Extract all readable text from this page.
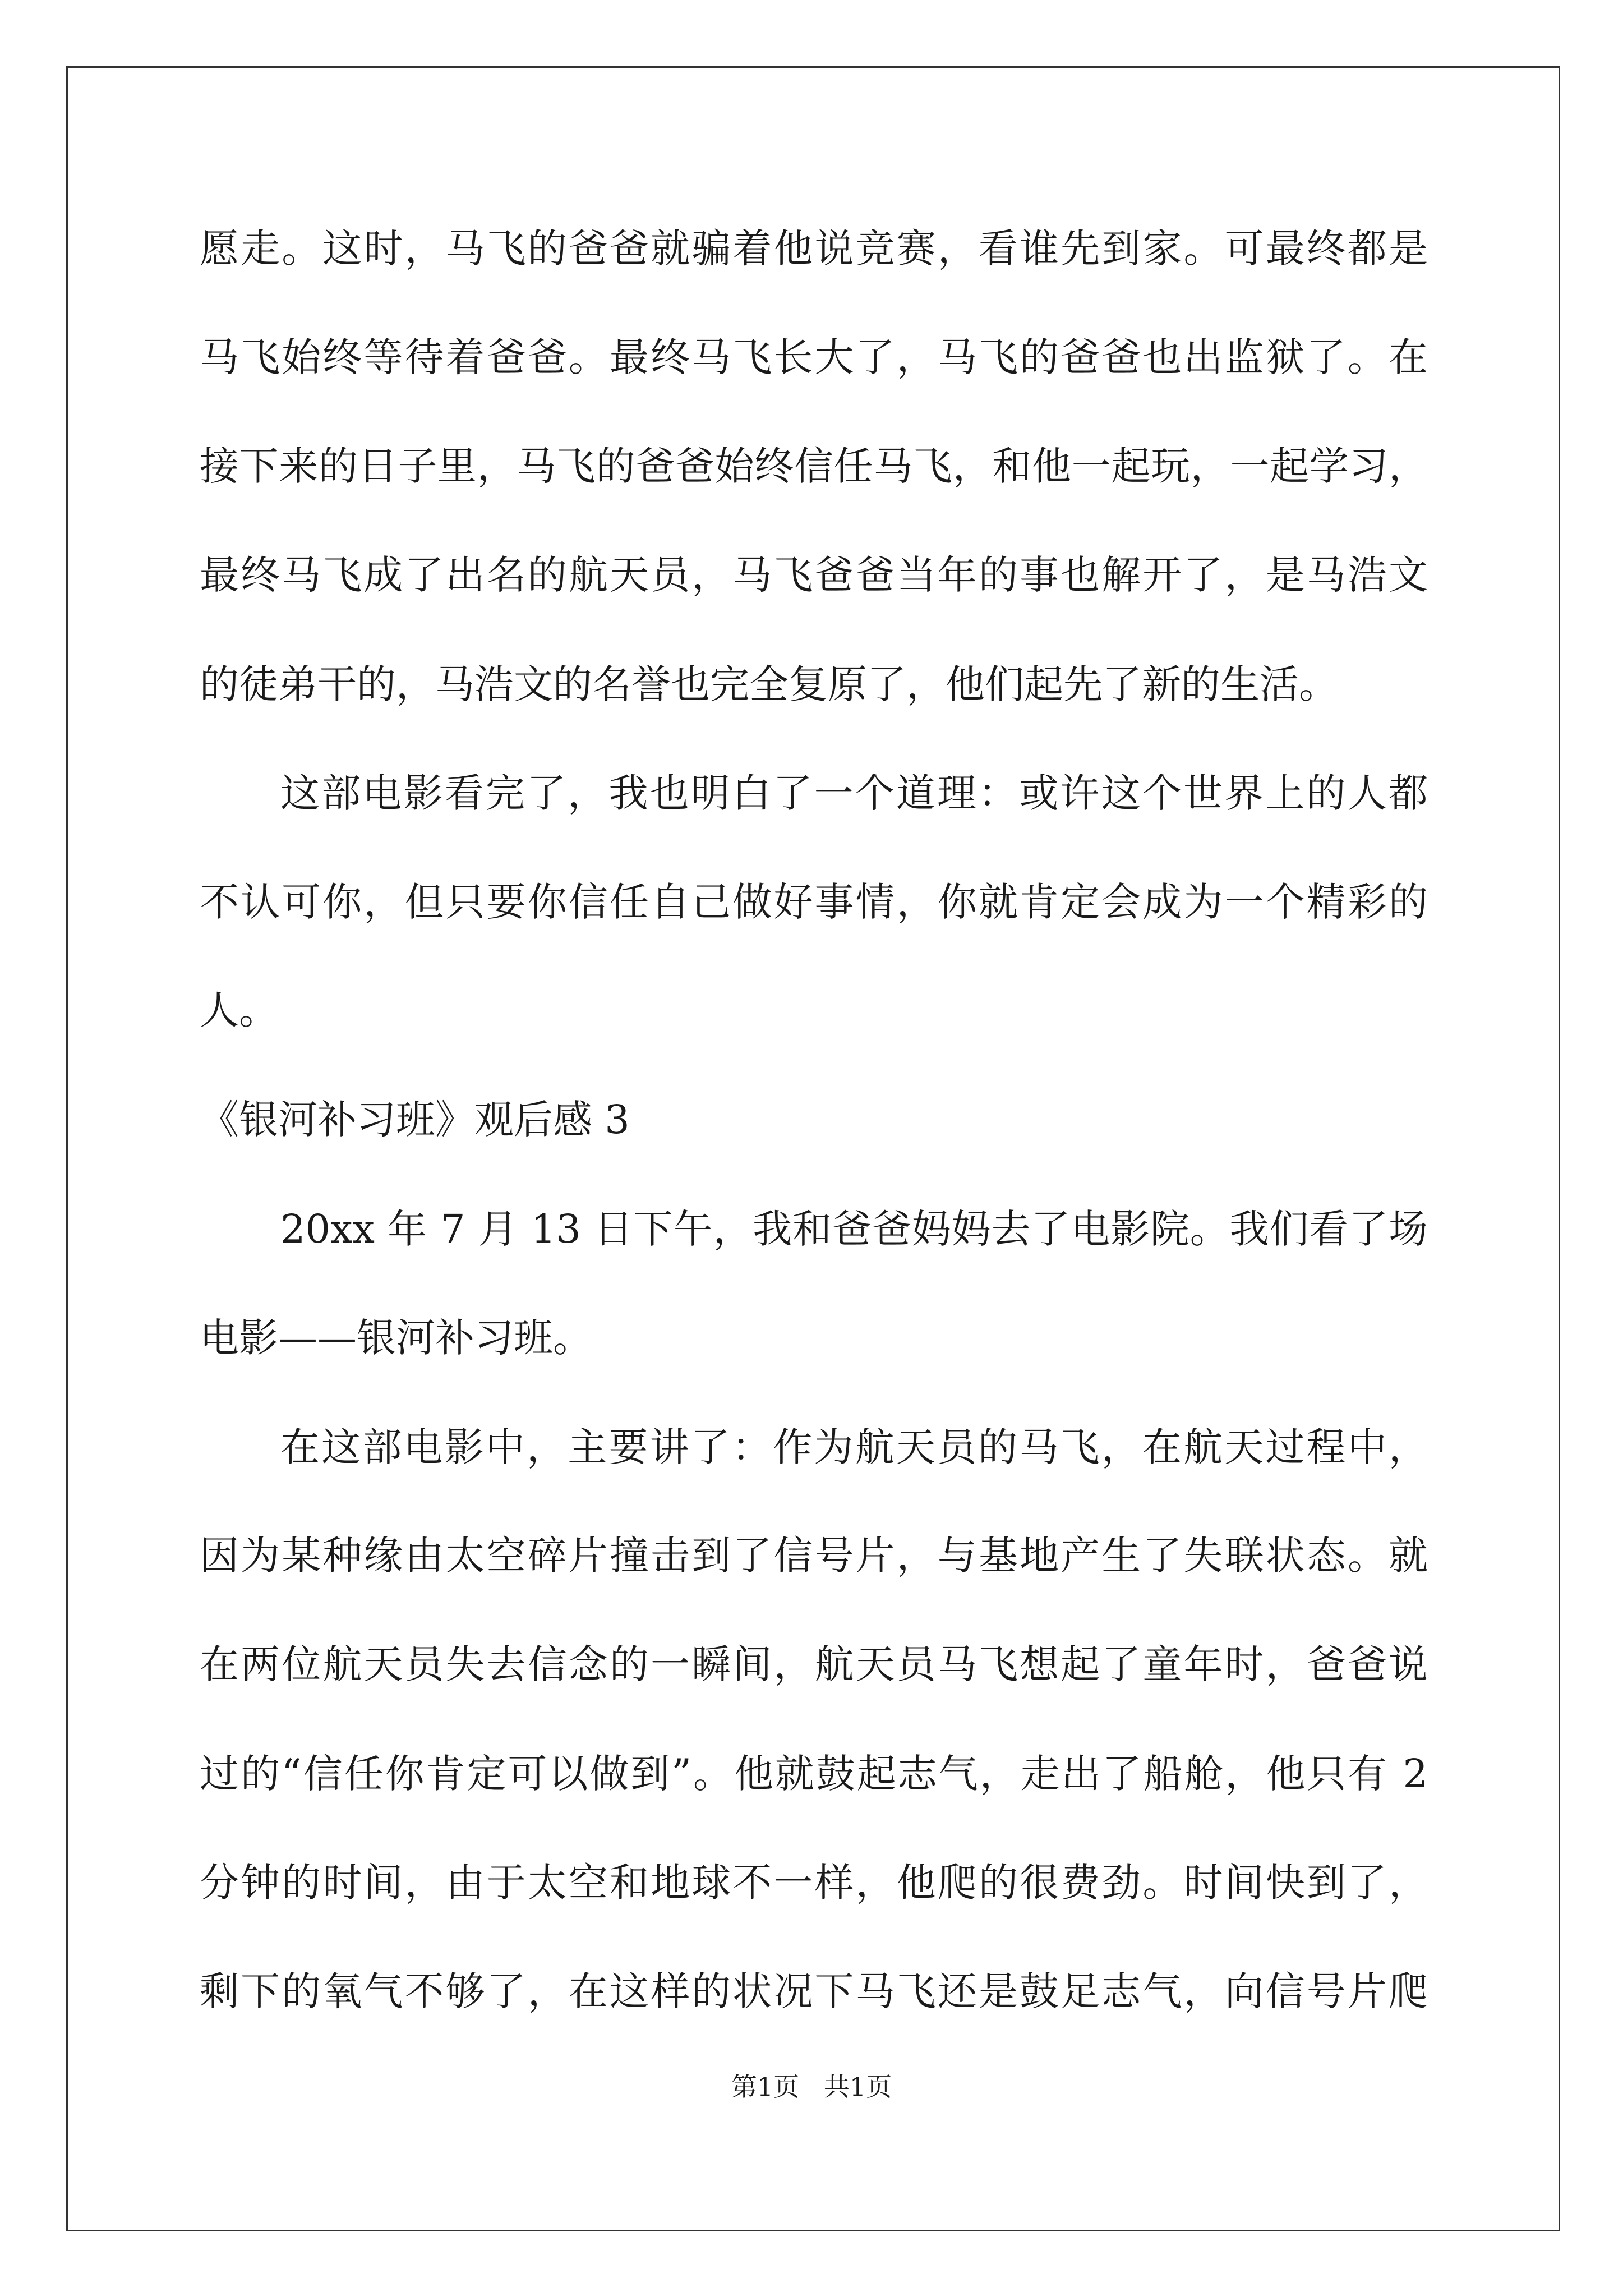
愿走。这时，马飞的爸爸就骗着他说竞赛，看谁先到家。可最终都是
马飞始终等待着爸爸。最终马飞长大了，马飞的爸爸也出监狱了。在
接下来的日子里，马飞的爸爸始终信任马飞，和他一起玩，一起学习，
最终马飞成了出名的航天员，马飞爸爸当年的事也解开了，是马浩文
的徒弟干的，马浩文的名誉也完全复原了，他们起先了新的生活。
这部电影看完了，我也明白了一个道理：或许这个世界上的人都
不认可你，但只要你信任自己做好事情，你就肯定会成为一个精彩的
人。
《银河补习班》观后感 3
20xx 年 7 月 13 日下午，我和爸爸妈妈去了电影院。我们看了场
电影——银河补习班。
在这部电影中，主要讲了：作为航天员的马飞，在航天过程中，
因为某种缘由太空碎片撞击到了信号片，与基地产生了失联状态。就
在两位航天员失去信念的一瞬间，航天员马飞想起了童年时，爸爸说
过的“信任你肯定可以做到”。他就鼓起志气，走出了船舱，他只有 2
分钟的时间，由于太空和地球不一样，他爬的很费劲。时间快到了，
剩下的氧气不够了，在这样的状况下马飞还是鼓足志气，向信号片爬
第1页   共1页
